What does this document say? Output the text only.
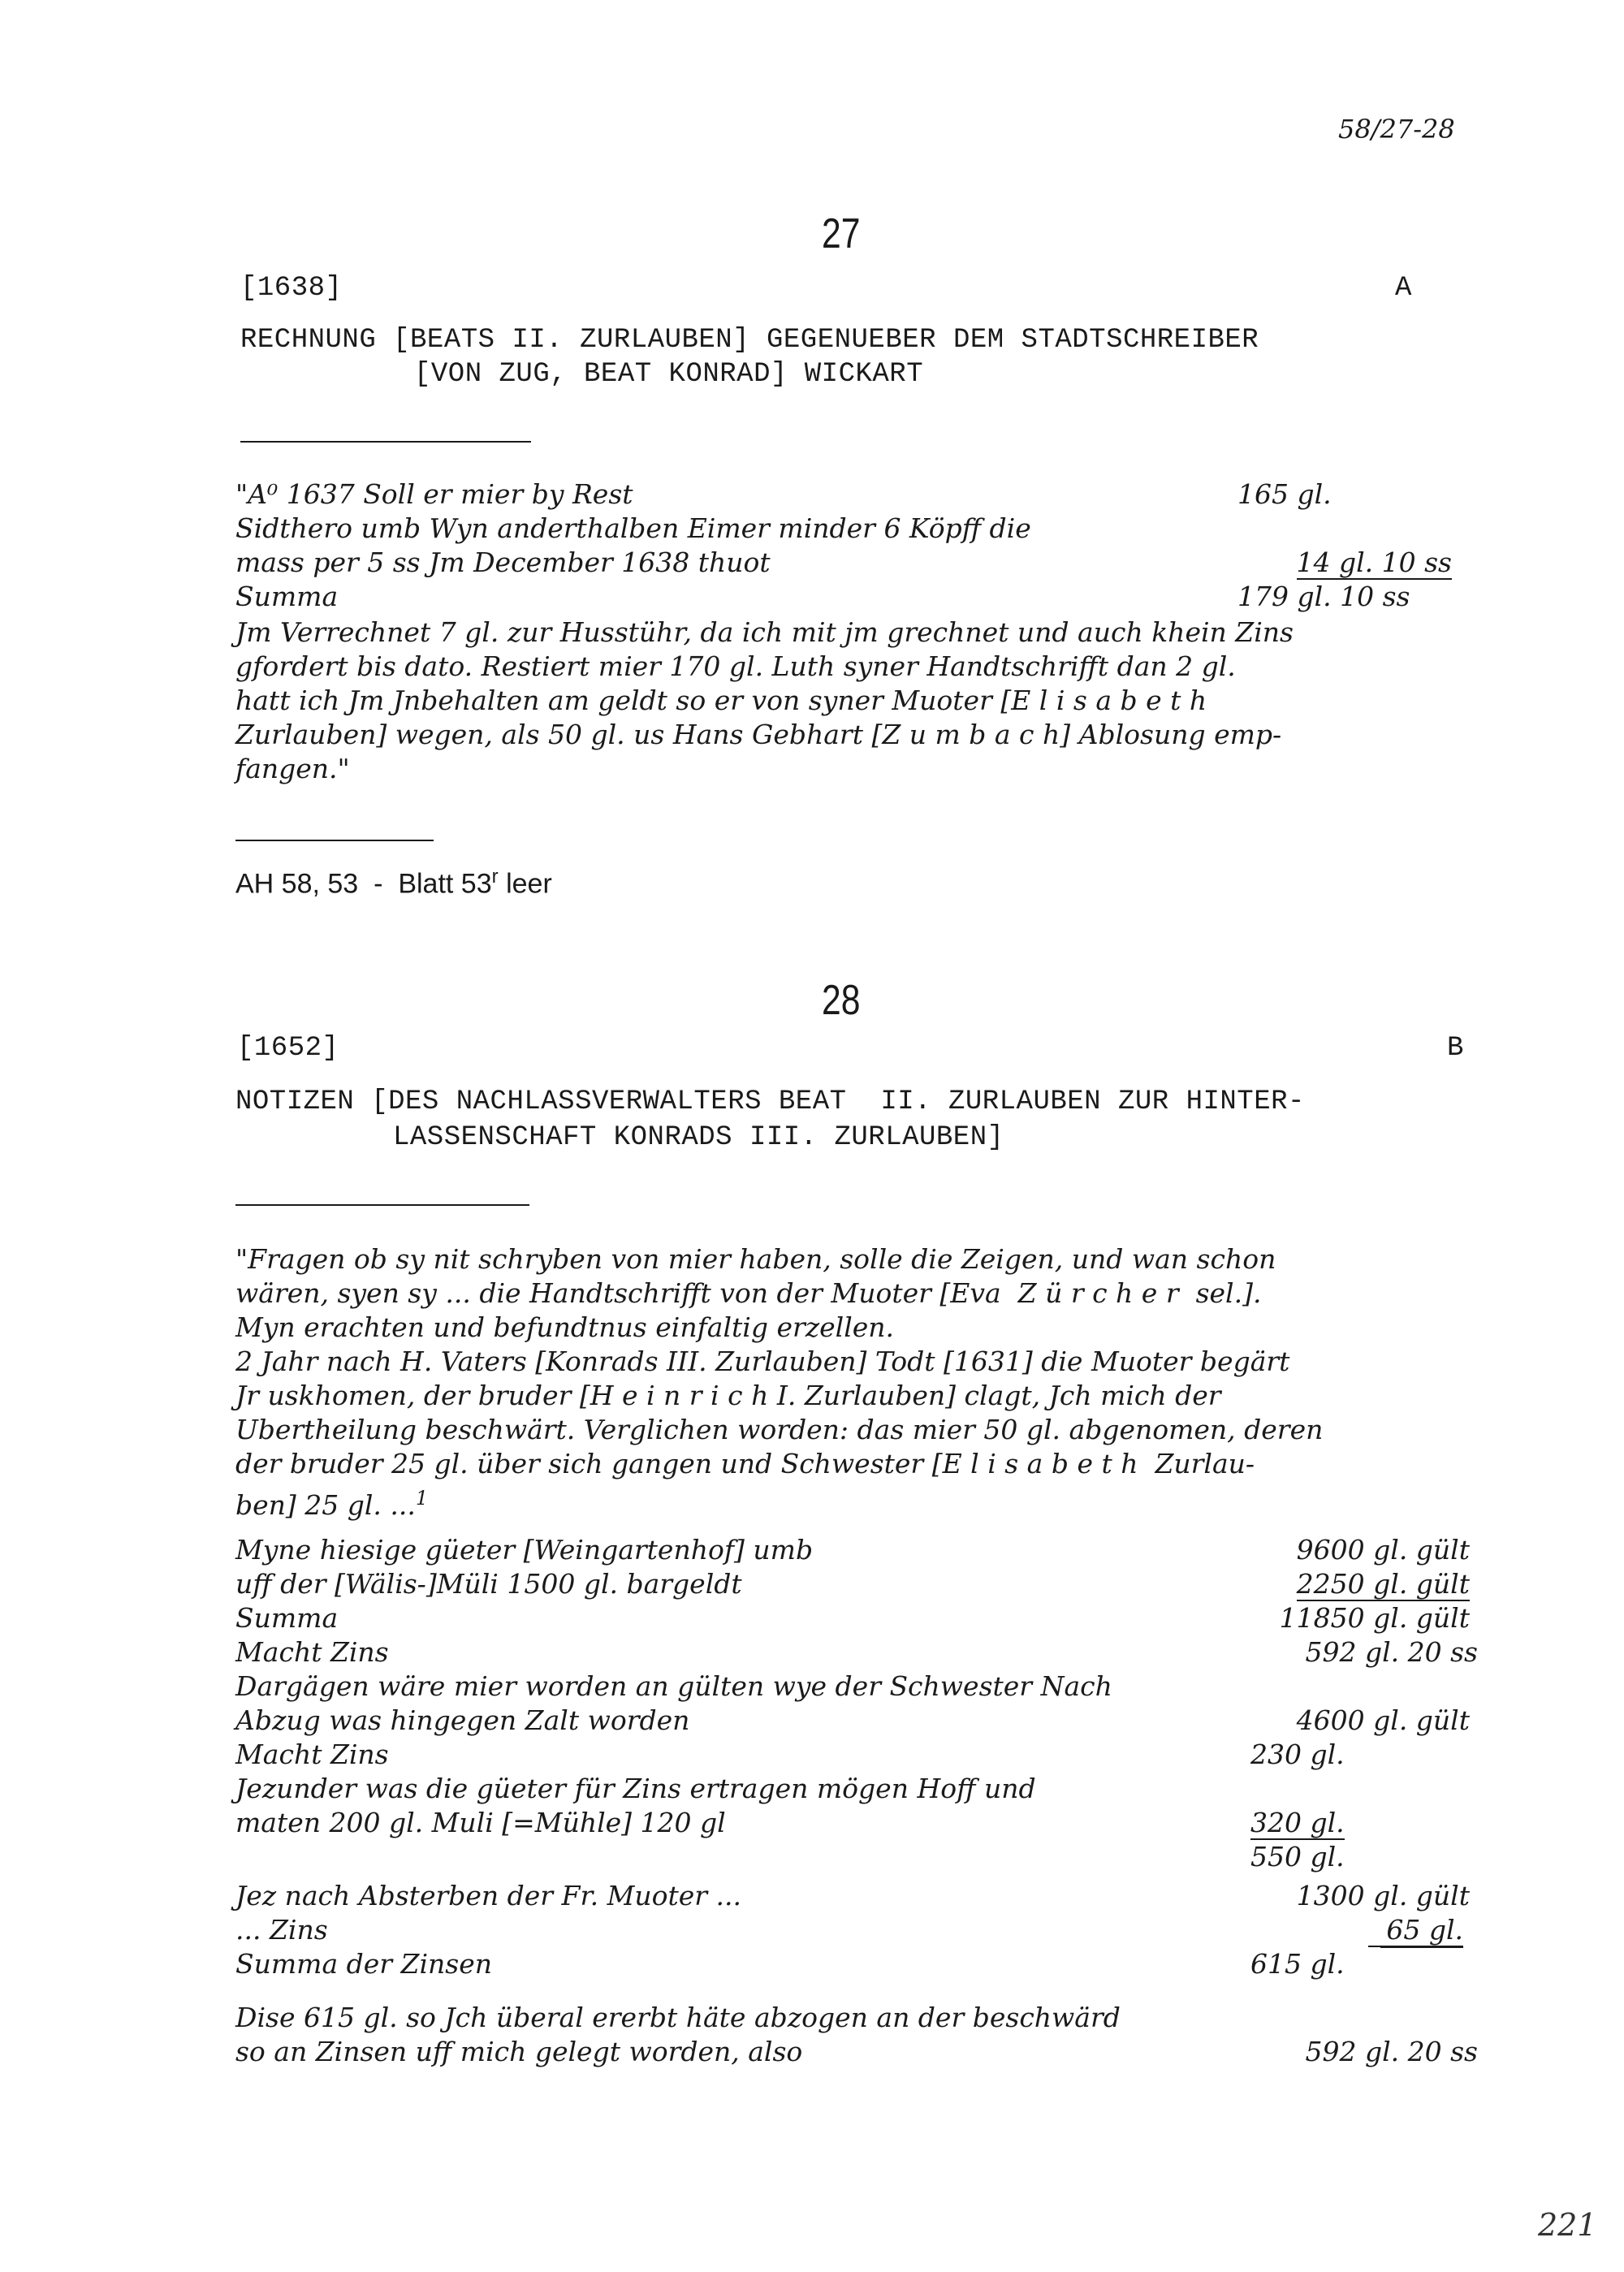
58/27-28
27
[1638]	A
RECHNUNG [BEATS II. ZURLAUBEN] GEGENUEBER DEM STADTSCHREIBER
[VON ZUG, BEAT KONRAD] WICKART
"A⁰ 1637 Soll er mier by Rest	165 gl.
Sidthero umb Wyn anderthalben Eimer minder 6 Köpff die
mass per 5 ss Jm December 1638 thuot	14 gl. 10 ss
Summa	179 gl. 10 ss
Jm Verrechnet 7 gl. zur Husstühr, da ich mit jm grechnet und auch khein Zins
gfordert bis dato. Restiert mier 170 gl. Luth syner Handtschrifft dan 2 gl.
hatt ich Jm Jnbehalten am geldt so er von syner Muoter [E l i s a b e t h
Zurlauben] wegen, als 50 gl. us Hans Gebhart [Z u m b a c h] Ablosung emp-
fangen."
AH 58, 53  -  Blatt 53$^r$ leer
28
[1652]	B
NOTIZEN [DES NACHLASSVERWALTERS BEAT  II. ZURLAUBEN ZUR HINTER-
LASSENSCHAFT KONRADS III. ZURLAUBEN]
"Fragen ob sy nit schryben von mier haben, solle die Zeigen, und wan schon
wären, syen sy ... die Handtschrifft von der Muoter [Eva  Z ü r c h e r  sel.].
Myn erachten und befundtnus einfaltig erzellen.
2 Jahr nach H. Vaters [Konrads III. Zurlauben] Todt [1631] die Muoter begärt
Jr uskhomen, der bruder [H e i n r i c h I. Zurlauben] clagt, Jch mich der
Ubertheilung beschwärt. Verglichen worden: das mier 50 gl. abgenomen, deren
der bruder 25 gl. über sich gangen und Schwester [E l i s a b e t h  Zurlau-
ben] 25 gl. ...$^1$
Myne hiesige güeter [Weingartenhof] umb	9600 gl. gült
uff der [Wälis-]Müli 1500 gl. bargeldt	2250 gl. gült
Summa	11850 gl. gült
Macht Zins	592 gl. 20 ss
Dargägen wäre mier worden an gülten wye der Schwester Nach
Abzug was hingegen Zalt worden	4600 gl. gült
Macht Zins	230 gl.
Jezunder was die güeter für Zins ertragen mögen Hoff und
maten 200 gl. Muli [=Mühle] 120 gl	320 gl.
550 gl.
Jez nach Absterben der Fr. Muoter ...	1300 gl. gült
... Zins	65 gl.
Summa der Zinsen	615 gl.
Dise 615 gl. so Jch überal ererbt häte abzogen an der beschwärd
so an Zinsen uff mich gelegt worden, also	592 gl. 20 ss
221
